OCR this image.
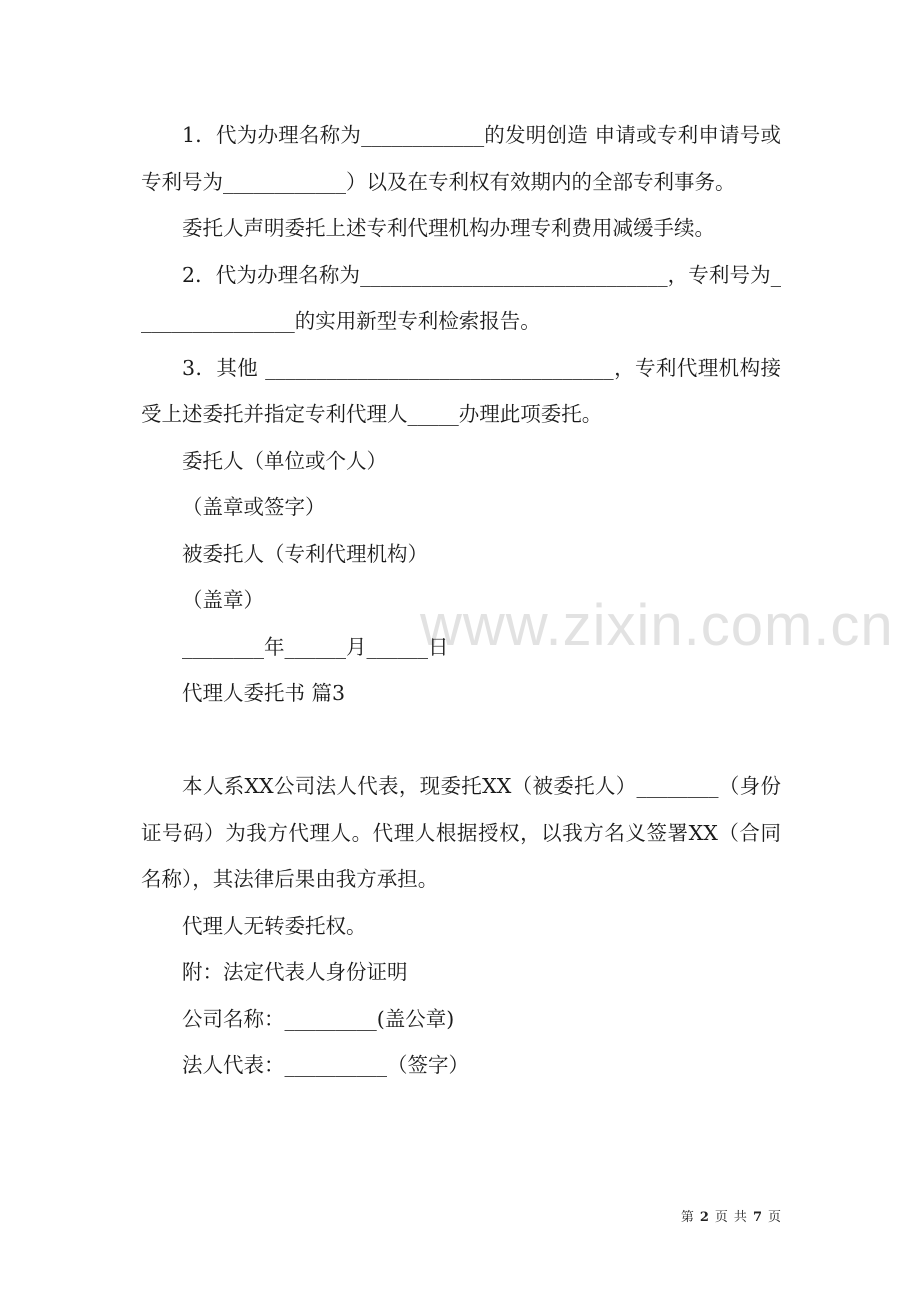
www.zixin.com.cn

1．代为办理名称为____________的发明创造 申请或专利申请号或专利号为____________）以及在专利权有效期内的全部专利事务。

委托人声明委托上述专利代理机构办理专利费用减缓手续。

2．代为办理名称为______________________________，专利号为________________的实用新型专利检索报告。

3．其他 __________________________________，专利代理机构接受上述委托并指定专利代理人_____办理此项委托。

委托人（单位或个人）

（盖章或签字）

被委托人（专利代理机构）

（盖章）

________年______月______日

代理人委托书 篇3

本人系XX公司法人代表，现委托XX（被委托人）________（身份证号码）为我方代理人。代理人根据授权，以我方名义签署XX（合同名称），其法律后果由我方承担。

代理人无转委托权。

附：法定代表人身份证明

公司名称：_________(盖公章)

法人代表：__________（签字）

第 2 页 共 7 页
